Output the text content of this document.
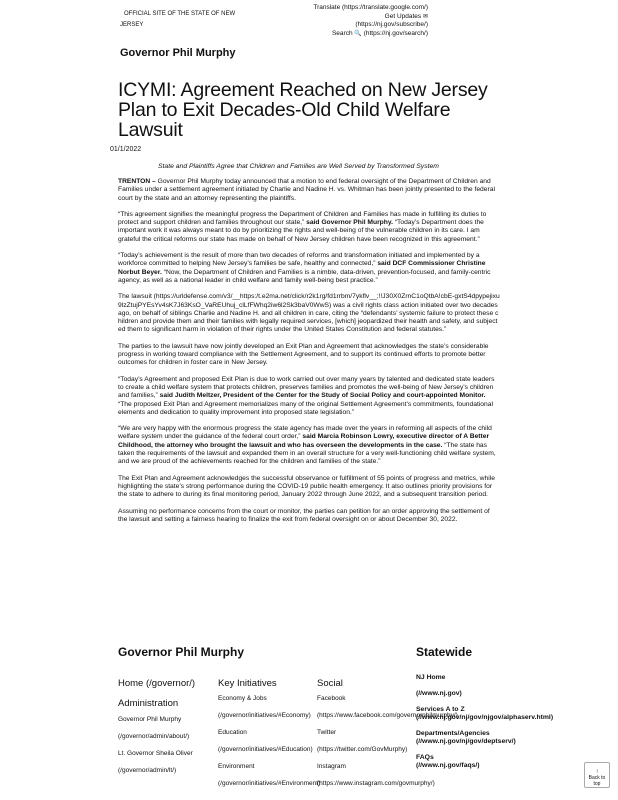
OFFICIAL SITE OF THE STATE OF NEW
JERSEY
Translate (https://translate.google.com/)
Get Updates ✉
(https://nj.gov/subscribe/)
Search 🔍 (https://nj.gov/search/)
Governor Phil Murphy
ICYMI: Agreement Reached on New Jersey Plan to Exit Decades-Old Child Welfare Lawsuit
01/1/2022
State and Plaintiffs Agree that Children and Families are Well Served by Transformed System

TRENTON – Governor Phil Murphy today announced that a motion to end federal oversight of the Department of Children and Families under a settlement agreement initiated by Charlie and Nadine H. vs. Whitman has been jointly presented to the federal court by the state and an attorney representing the plaintiffs.

“This agreement signifies the meaningful progress the Department of Children and Families has made in fulfilling its duties to protect and support children and families throughout our state,” said Governor Phil Murphy. “Today’s Department does the important work it was always meant to do by prioritizing the rights and well-being of the vulnerable children in its care. I am grateful the critical reforms our state has made on behalf of New Jersey children have been recognized in this agreement.”

“Today’s achievement is the result of more than two decades of reforms and transformation initiated and implemented by a workforce committed to helping New Jersey’s families be safe, healthy and connected,” said DCF Commissioner Christine Norbut Beyer. “Now, the Department of Children and Families is a nimble, data-driven, prevention-focused, and family-centric agency, as well as a national leader in child welfare and family well-being best practice.”

The lawsuit (https://urldefense.com/v3/__https:/t.e2ma.net/click/r2k1rg/fd1rrbm/7ykflv__;!!J30X0ZrnC1oQtbA!cbE-gxtS4dpypejixu9lzZtujPYEsYv4sK7J63KsO_VaREUhuj_clLfFWhq2iw6l2Sk3baV0WwS) was a civil rights class action initiated over two decades ago, on behalf of siblings Charlie and Nadine H. and all children in care, citing the “defendants’ systemic failure to protect these children and provide them and their families with legally required services, [which] jeopardized their health and safety, and subjected them to significant harm in violation of their rights under the United States Constitution and federal statutes.”

The parties to the lawsuit have now jointly developed an Exit Plan and Agreement that acknowledges the state’s considerable progress in working toward compliance with the Settlement Agreement, and to support its continued efforts to promote better outcomes for children in foster care in New Jersey.

“Today’s Agreement and proposed Exit Plan is due to work carried out over many years by talented and dedicated state leaders to create a child welfare system that protects children, preserves families and promotes the well-being of New Jersey’s children and families,” said Judith Meltzer, President of the Center for the Study of Social Policy and court-appointed Monitor. “The proposed Exit Plan and Agreement memorializes many of the original Settlement Agreement’s commitments, foundational elements and dedication to quality improvement into proposed state legislation.”

“We are very happy with the enormous progress the state agency has made over the years in reforming all aspects of the child welfare system under the guidance of the federal court order,” said Marcia Robinson Lowry, executive director of A Better Childhood, the attorney who brought the lawsuit and who has overseen the developments in the case. “The state has taken the requirements of the lawsuit and expanded them in an overall structure for a very well-functioning child welfare system, and we are proud of the achievements reached for the children and families of the state.”

The Exit Plan and Agreement acknowledges the successful observance or fulfillment of 55 points of progress and metrics, while highlighting the state’s strong performance during the COVID-19 public health emergency. It also outlines priority provisions for the state to adhere to during its final monitoring period, January 2022 through June 2022, and a subsequent transition period.

Assuming no performance concerns from the court or monitor, the parties can petition for an order approving the settlement of the lawsuit and setting a fairness hearing to finalize the exit from federal oversight on or about December 30, 2022.

Governor Phil Murphy	Statewide
Home (/governor/)
Administration
Governor Phil Murphy
(/governor/admin/about/)
Lt. Governor Sheila Oliver
(/governor/admin/lt/)
Key Initiatives
Economy & Jobs
(/governor/initiatives/#Economy)
Education
(/governor/initiatives/#Education)
Environment
(/governor/initiatives/#Environment)
Social
Facebook
(https://www.facebook.com/governorphilmurphy/)
Twitter
(https://twitter.com/GovMurphy)
Instagram
(https://www.instagram.com/govmurphy/)
NJ Home
(//www.nj.gov)
Services A to Z
(//www.nj.gov/nj/gov/njgov/alphaserv.html)
Departments/Agencies
(//www.nj.gov/nj/gov/deptserv/)
FAQs
(//www.nj.gov/faqs/)
↑
Back to top
